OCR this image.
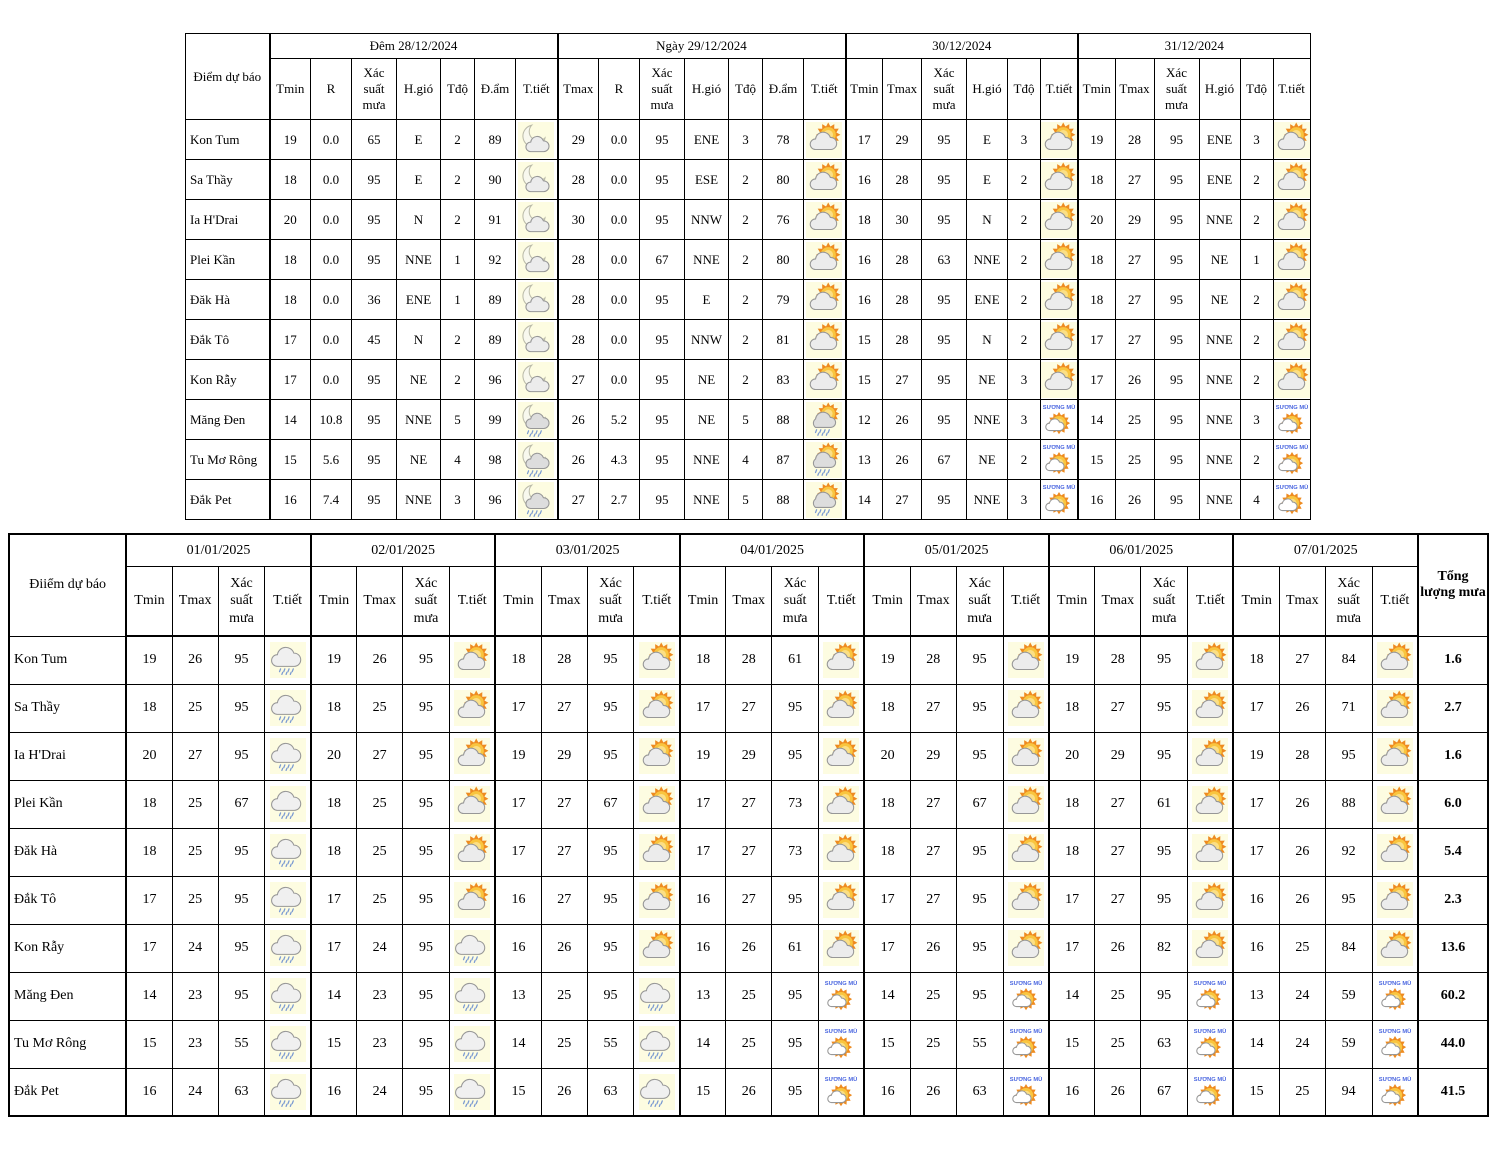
Điểm dự báo	Đêm 28/12/2024							Ngày 29/12/2024							30/12/2024						31/12/2024					
	Tmin	R	Xác suất mưa	H.gió	Tđộ	Đ.ẩm	T.tiết	Tmax	R	Xác suất mưa	H.gió	Tđộ	Đ.ẩm	T.tiết	Tmin	Tmax	Xác suất mưa	H.gió	Tđộ	T.tiết	Tmin	Tmax	Xác suất mưa	H.gió	Tđộ	T.tiết
Kon Tum	19	0.0	65	E	2	89		29	0.0	95	ENE	3	78		17	29	95	E	3		19	28	95	ENE	3	

Sa Thầy	18	0.0	95	E	2	90		28	0.0	95	ESE	2	80		16	28	95	E	2		18	27	95	ENE	2	

Ia H'Drai	20	0.0	95	N	2	91		30	0.0	95	NNW	2	76		18	30	95	N	2		20	29	95	NNE	2	

Plei Kần	18	0.0	95	NNE	1	92		28	0.0	67	NNE	2	80		16	28	63	NNE	2		18	27	95	NE	1	

Đăk Hà	18	0.0	36	ENE	1	89		28	0.0	95	E	2	79		16	28	95	ENE	2		18	27	95	NE	2	

Đắk Tô	17	0.0	45	N	2	89		28	0.0	95	NNW	2	81		15	28	95	N	2		17	27	95	NNE	2	

Kon Rẫy	17	0.0	95	NE	2	96		27	0.0	95	NE	2	83		15	27	95	NE	3		17	26	95	NNE	2	

Măng Đen	14	10.8	95	NNE	5	99		26	5.2	95	NE	5	88		12	26	95	NNE	3	SƯƠNG MÙ	14	25	95	NNE	3	SƯƠNG MÙ

Tu Mơ Rông	15	5.6	95	NE	4	98		26	4.3	95	NNE	4	87		13	26	67	NE	2	SƯƠNG MÙ	15	25	95	NNE	2	SƯƠNG MÙ

Đắk Pet	16	7.4	95	NNE	3	96		27	2.7	95	NNE	5	88		14	27	95	NNE	3	SƯƠNG MÙ	16	26	95	NNE	4	SƯƠNG MÙ
Điiểm dự báo	01/01/2025				02/01/2025				03/01/2025				04/01/2025				05/01/2025				06/01/2025				07/01/2025				Tổng lượng mưa
	Tmin	Tmax	Xác suất mưa	T.tiết	Tmin	Tmax	Xác suất mưa	T.tiết	Tmin	Tmax	Xác suất mưa	T.tiết	Tmin	Tmax	Xác suất mưa	T.tiết	Tmin	Tmax	Xác suất mưa	T.tiết	Tmin	Tmax	Xác suất mưa	T.tiết	Tmin	Tmax	Xác suất mưa	T.tiết	
Kon Tum	19	26	95		19	26	95		18	28	95		18	28	61		19	28	95		19	28	95		18	27	84		1.6
Sa Thầy	18	25	95		18	25	95		17	27	95		17	27	95		18	27	95		18	27	95		17	26	71		2.7
Ia H'Drai	20	27	95		20	27	95		19	29	95		19	29	95		20	29	95		20	29	95		19	28	95		1.6
Plei Kần	18	25	67		18	25	95		17	27	67		17	27	73		18	27	67		18	27	61		17	26	88		6.0
Đăk Hà	18	25	95		18	25	95		17	27	95		17	27	73		18	27	95		18	27	95		17	26	92		5.4
Đắk Tô	17	25	95		17	25	95		16	27	95		16	27	95		17	27	95		17	27	95		16	26	95		2.3
Kon Rẫy	17	24	95		17	24	95		16	26	95		16	26	61		17	26	95		17	26	82		16	25	84		13.6
Măng Đen	14	23	95		14	23	95		13	25	95		13	25	95	SƯƠNG MÙ	14	25	95	SƯƠNG MÙ	14	25	95	SƯƠNG MÙ	13	24	59	SƯƠNG MÙ	60.2
Tu Mơ Rông	15	23	55		15	23	95		14	25	55		14	25	95	SƯƠNG MÙ	15	25	55	SƯƠNG MÙ	15	25	63	SƯƠNG MÙ	14	24	59	SƯƠNG MÙ	44.0
Đắk Pet	16	24	63		16	24	95		15	26	63		15	26	95	SƯƠNG MÙ	16	26	63	SƯƠNG MÙ	16	26	67	SƯƠNG MÙ	15	25	94	SƯƠNG MÙ	41.5
